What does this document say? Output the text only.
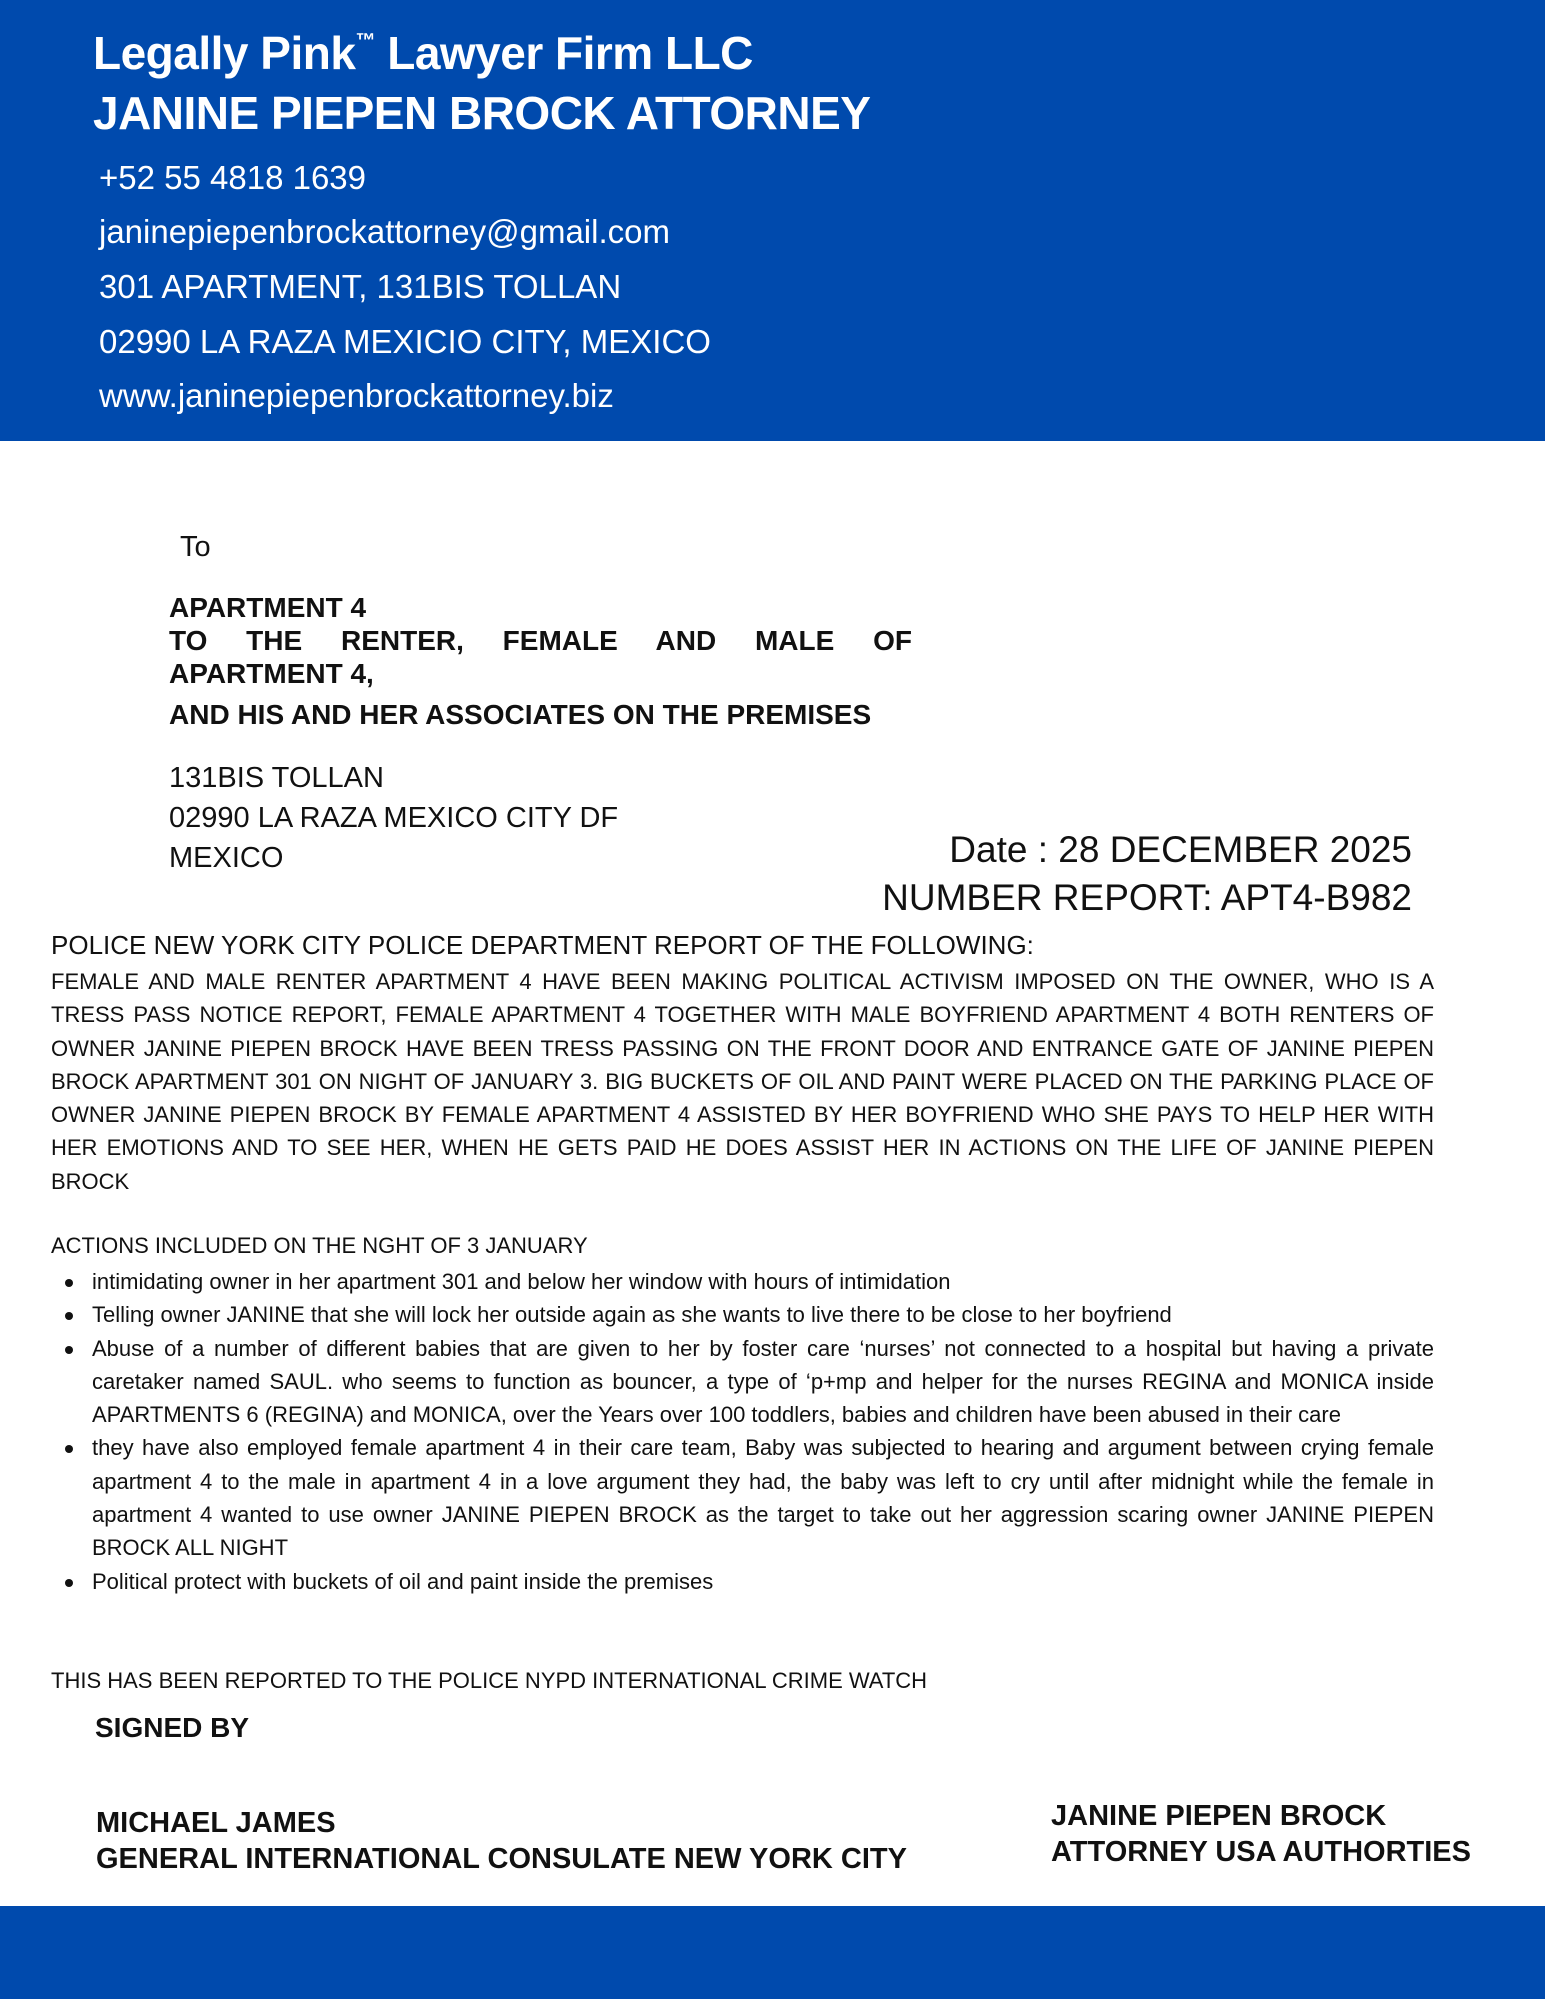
Legally Pink™ Lawyer Firm LLC
JANINE PIEPEN BROCK ATTORNEY
+52 55 4818 1639
janinepiepenbrockattorney@gmail.com
301 APARTMENT, 131BIS TOLLAN
02990 LA RAZA MEXICIO CITY, MEXICO
www.janinepiepenbrockattorney.biz
To
APARTMENT 4
TO THE RENTER, FEMALE AND MALE OF
APARTMENT 4,
AND HIS AND HER ASSOCIATES ON THE PREMISES
131BIS TOLLAN
02990 LA RAZA MEXICO CITY DF
MEXICO	Date : 28 DECEMBER 2025
NUMBER REPORT: APT4-B982
POLICE NEW YORK CITY POLICE DEPARTMENT REPORT OF THE FOLLOWING:
FEMALE AND MALE RENTER APARTMENT 4 HAVE BEEN MAKING POLITICAL ACTIVISM IMPOSED ON THE OWNER, WHO IS A TRESS PASS NOTICE REPORT, FEMALE APARTMENT 4 TOGETHER WITH MALE BOYFRIEND APARTMENT 4 BOTH RENTERS OF OWNER JANINE PIEPEN BROCK HAVE BEEN TRESS PASSING ON THE FRONT DOOR AND ENTRANCE GATE OF JANINE PIEPEN BROCK APARTMENT 301 ON NIGHT OF JANUARY 3. BIG BUCKETS OF OIL AND PAINT WERE PLACED ON THE PARKING PLACE OF OWNER JANINE PIEPEN BROCK BY FEMALE APARTMENT 4 ASSISTED BY HER BOYFRIEND WHO SHE PAYS TO HELP HER WITH HER EMOTIONS AND TO SEE HER, WHEN HE GETS PAID HE DOES ASSIST HER IN ACTIONS ON THE LIFE OF JANINE PIEPEN BROCK
ACTIONS INCLUDED ON THE NGHT OF 3 JANUARY
intimidating owner in her apartment 301 and below her window with hours of intimidation
Telling owner JANINE that she will lock her outside again as she wants to live there to be close to her boyfriend
Abuse of a number of different babies that are given to her by foster care ‘nurses’ not connected to a hospital but having a private caretaker named SAUL. who seems to function as bouncer, a type of ‘p+mp and helper for the nurses REGINA and MONICA inside APARTMENTS 6 (REGINA) and MONICA, over the Years over 100 toddlers, babies and children have been abused in their care
they have also employed female apartment 4 in their care team, Baby was subjected to hearing and argument between crying female apartment 4 to the male in apartment 4 in a love argument they had, the baby was left to cry until after midnight while the female in apartment 4 wanted to use owner JANINE PIEPEN BROCK as the target to take out her aggression scaring owner JANINE PIEPEN BROCK ALL NIGHT
Political protect with buckets of oil and paint inside the premises
THIS HAS BEEN REPORTED TO THE POLICE NYPD INTERNATIONAL CRIME WATCH
SIGNED BY
MICHAEL JAMES
GENERAL INTERNATIONAL CONSULATE NEW YORK CITY
JANINE PIEPEN BROCK
ATTORNEY USA AUTHORTIES
